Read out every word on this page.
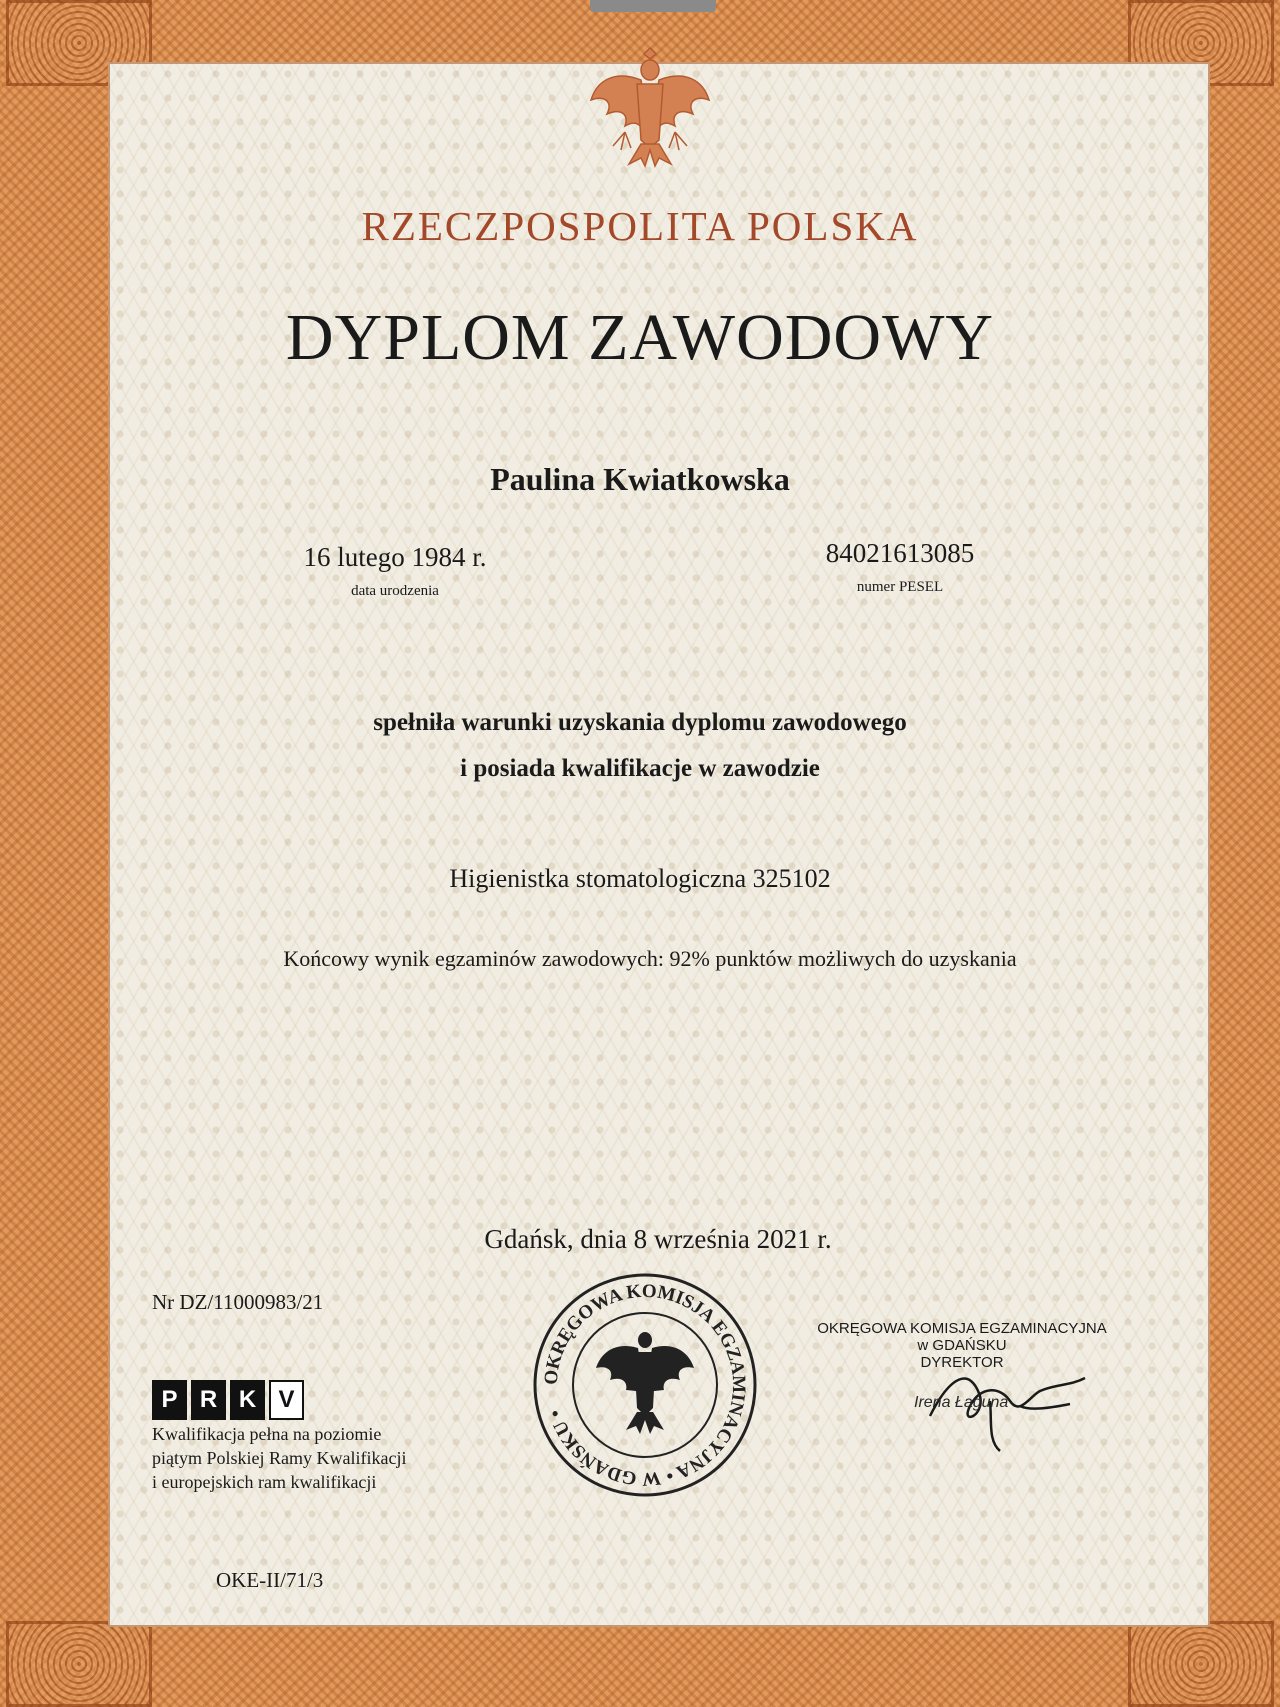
RZECZPOSPOLITA POLSKA
DYPLOM ZAWODOWY
Paulina Kwiatkowska
16 lutego 1984 r.
data urodzenia
84021613085
numer PESEL
spełniła warunki uzyskania dyplomu zawodowego
i posiada kwalifikacje w zawodzie
Higienistka stomatologiczna 325102
Końcowy wynik egzaminów zawodowych: 92% punktów możliwych do uzyskania
Gdańsk, dnia 8 września 2021 r.
Nr DZ/11000983/21
P R K V
Kwalifikacja pełna na poziomie
piątym Polskiej Ramy Kwalifikacji
i europejskich ram kwalifikacji
OKE-II/71/3
OKRĘGOWA KOMISJA EGZAMINACYJNA • W GDAŃSKU •
OKRĘGOWA KOMISJA EGZAMINACYJNA
w GDAŃSKU
DYREKTOR
Irena Łaguna
